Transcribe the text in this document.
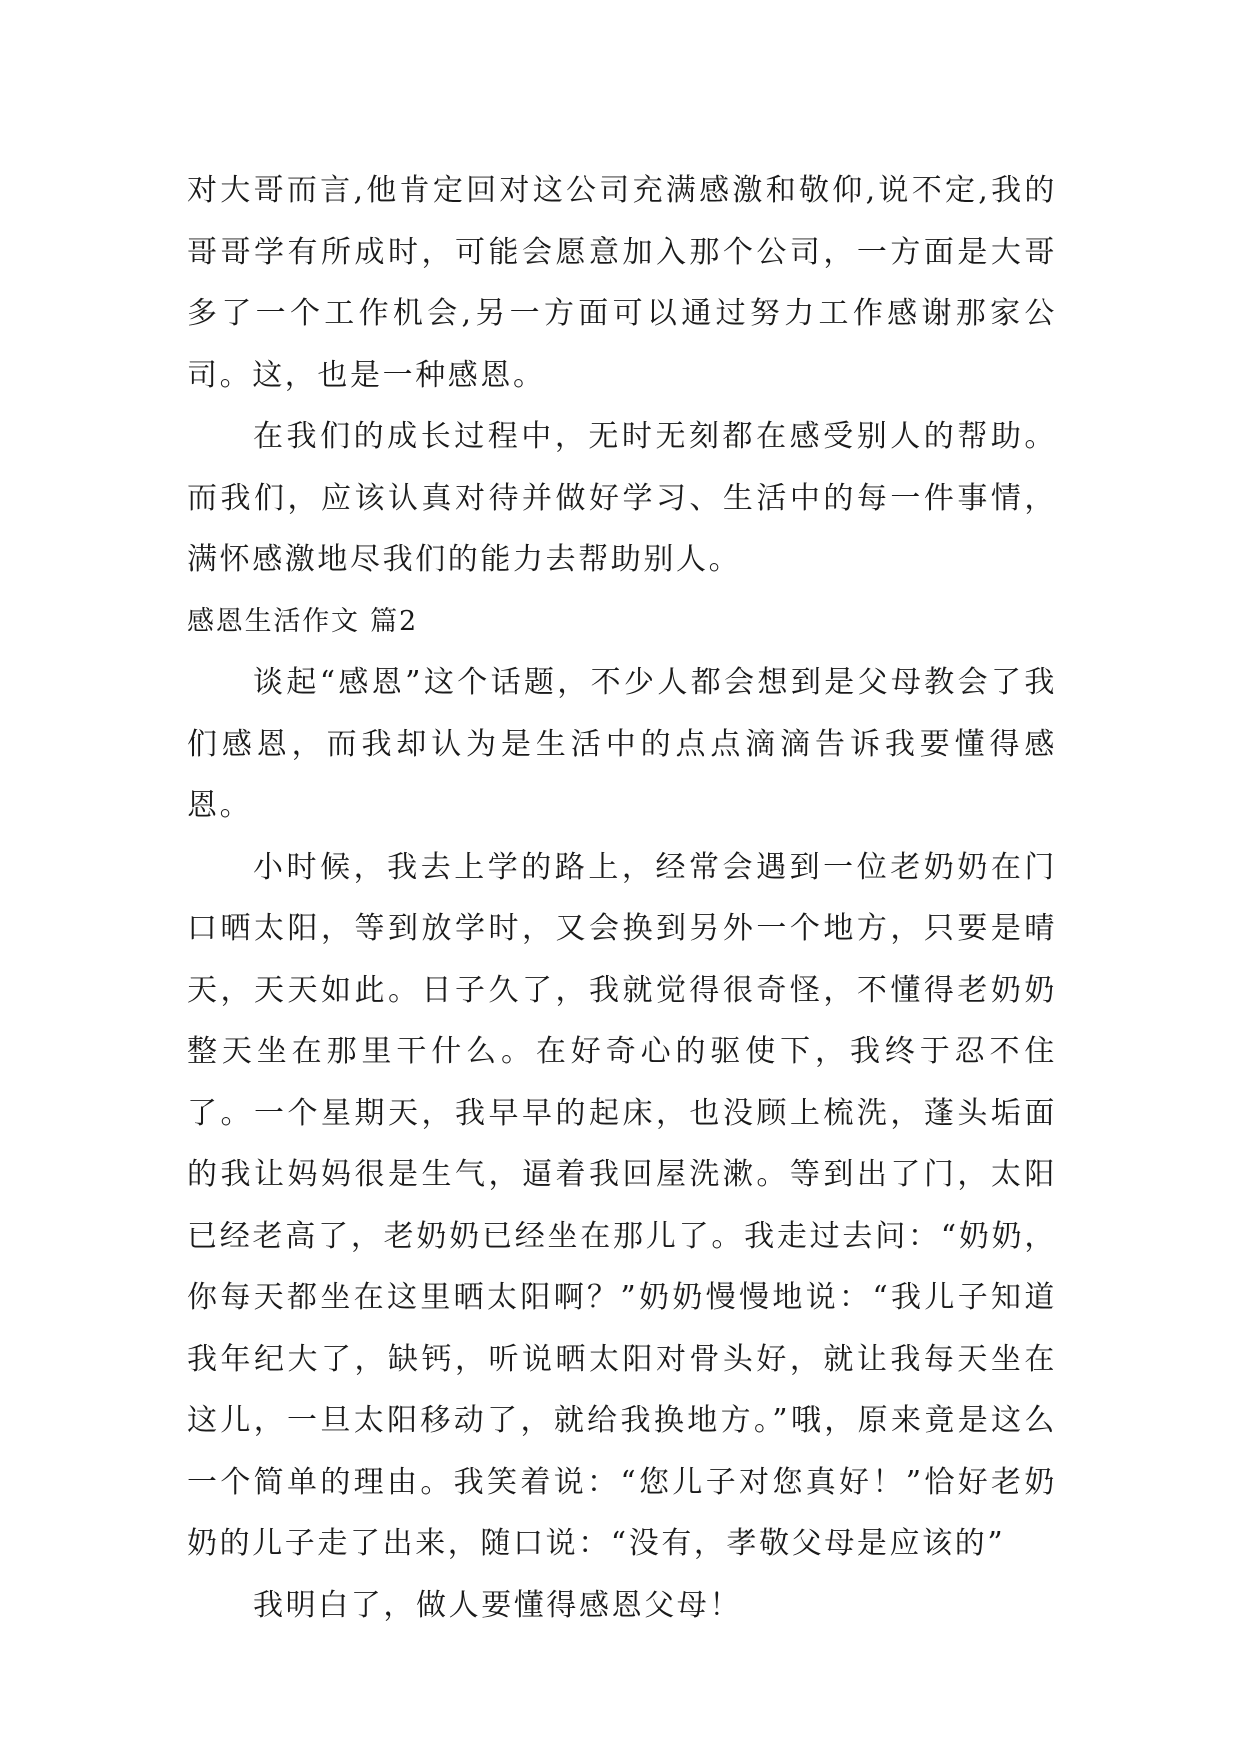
对大哥而言,他肯定回对这公司充满感激和敬仰,说不定,我的哥哥学有所成时，可能会愿意加入那个公司，一方面是大哥多了一个工作机会,另一方面可以通过努力工作感谢那家公司。这，也是一种感恩。

在我们的成长过程中，无时无刻都在感受别人的帮助。而我们，应该认真对待并做好学习、生活中的每一件事情，满怀感激地尽我们的能力去帮助别人。

感恩生活作文 篇2

谈起“感恩”这个话题，不少人都会想到是父母教会了我们感恩，而我却认为是生活中的点点滴滴告诉我要懂得感恩。

小时候，我去上学的路上，经常会遇到一位老奶奶在门口晒太阳，等到放学时，又会换到另外一个地方，只要是晴天，天天如此。日子久了，我就觉得很奇怪，不懂得老奶奶整天坐在那里干什么。在好奇心的驱使下，我终于忍不住了。一个星期天，我早早的起床，也没顾上梳洗，蓬头垢面的我让妈妈很是生气，逼着我回屋洗漱。等到出了门，太阳已经老高了，老奶奶已经坐在那儿了。我走过去问：“奶奶，你每天都坐在这里晒太阳啊？”奶奶慢慢地说：“我儿子知道我年纪大了，缺钙，听说晒太阳对骨头好，就让我每天坐在这儿，一旦太阳移动了，就给我换地方。”哦，原来竟是这么一个简单的理由。我笑着说：“您儿子对您真好！”恰好老奶奶的儿子走了出来，随口说：“没有，孝敬父母是应该的”

我明白了，做人要懂得感恩父母！
